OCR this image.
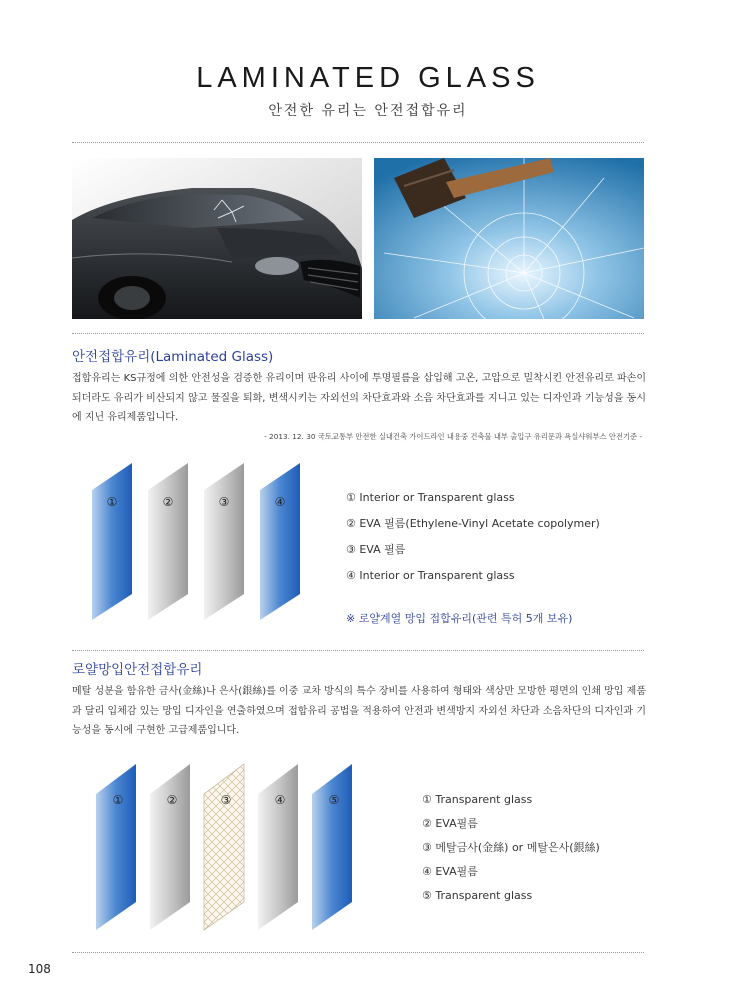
LAMINATED GLASS
안전한 유리는 안전접합유리
안전접합유리(Laminated Glass)
접합유리는 KS규정에 의한 안전성을 검증한 유리이며 판유리 사이에 투명필름을 삽입해 고온, 고압으로 밀착시킨 안전유리로 파손이 되더라도 유리가 비산되지 않고 물질을 퇴화, 변색시키는 자외선의 차단효과와 소음 차단효과를 지니고 있는 디자인과 기능성을 동시에 지닌 유리제품입니다.
- 2013. 12. 30 국토교통부 안전한 실내건축 가이드라인 내용중 건축물 내부 출입구 유리문과 욕실샤워부스 안전기준 -
①	②	③	④	① Interior or Transparent glass
② EVA 필름(Ethylene-Vinyl Acetate copolymer)
③ EVA 필름
④ Interior or Transparent glass
※ 로얄계열 망입 접합유리(관련 특허 5개 보유)
로얄망입안전접합유리
메탈 성분을 함유한 금사(金絲)나 은사(銀絲)를 이중 교차 방식의 특수 장비를 사용하여 형태와 색상만 모방한 평면의 인쇄 망입 제품과 달리 입체감 있는 망입 디자인을 연출하였으며 접합유리 공법을 적용하여 안전과 변색방지 자외선 차단과 소음차단의 디자인과 기능성을 동시에 구현한 고급제품입니다.
①	②	③	④	⑤	① Transparent glass
② EVA필름
③ 메탈금사(金絲) or 메탈은사(銀絲)
④ EVA필름
⑤ Transparent glass
108
